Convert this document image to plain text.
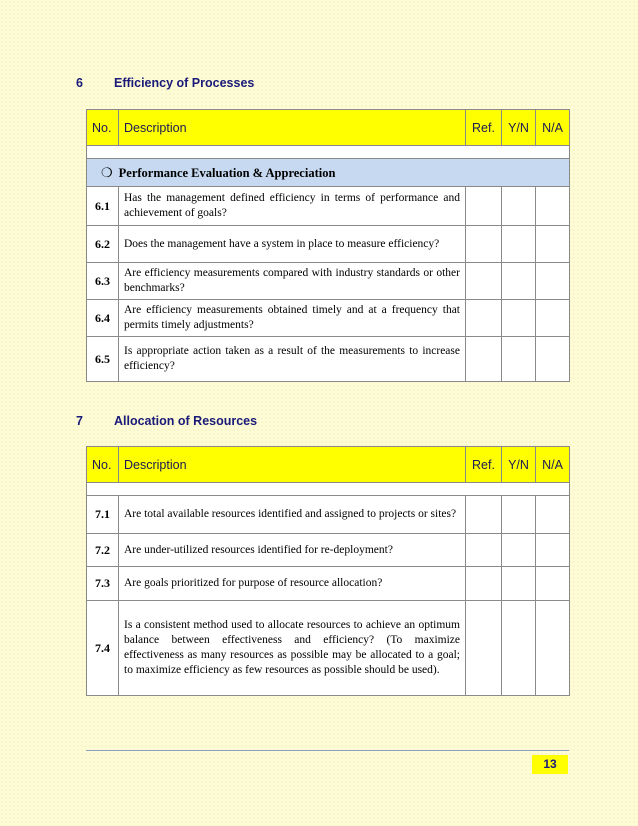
6 Efficiency of Processes
No.	Description	Ref.	Y/N	N/A

❍ Performance Evaluation & Appreciation				
6.1	Has the management defined efficiency in terms of performance and achievement of goals?			
6.2	Does the management have a system in place to measure efficiency?			
6.3	Are efficiency measurements compared with industry standards or other benchmarks?			
6.4	Are efficiency measurements obtained timely and at a frequency that permits timely adjustments?			
6.5	Is appropriate action taken as a result of the measurements to increase efficiency?			
7 Allocation of Resources
No.	Description	Ref.	Y/N	N/A

7.1	Are total available resources identified and assigned to projects or sites?			
7.2	Are under-utilized resources identified for re-deployment?			
7.3	Are goals prioritized for purpose of resource allocation?			
7.4	Is a consistent method used to allocate resources to achieve an optimum balance between effectiveness and efficiency? (To maximize effectiveness as many resources as possible may be allocated to a goal; to maximize efficiency as few resources as possible should be used).			
13
